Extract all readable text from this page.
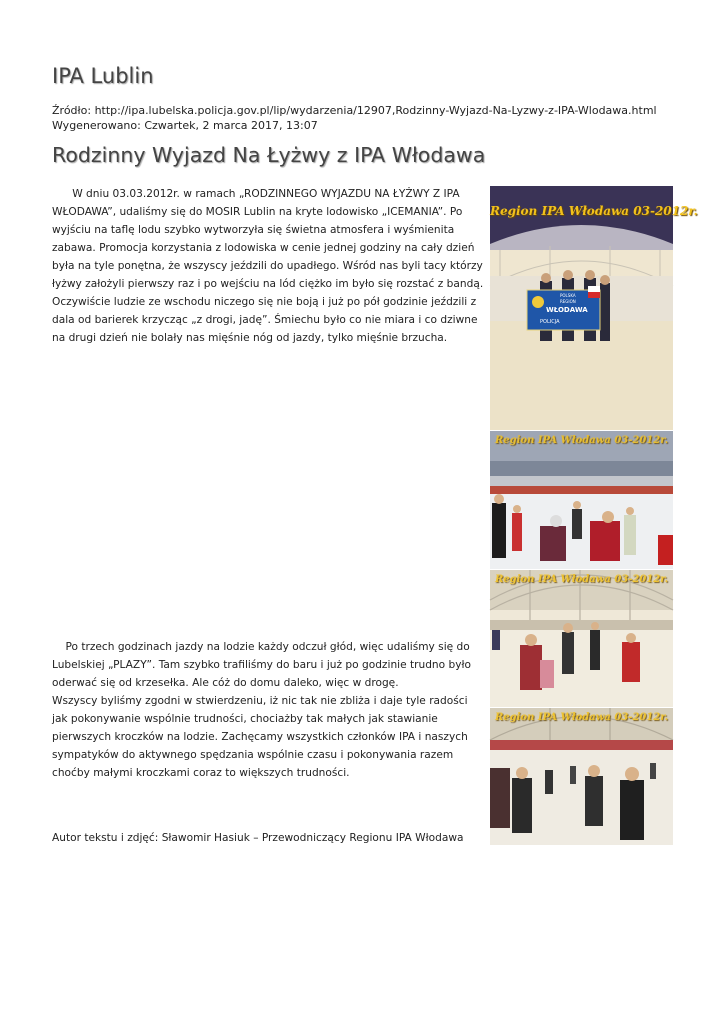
IPA Lublin
Źródło: http://ipa.lubelska.policja.gov.pl/lip/wydarzenia/12907,Rodzinny-Wyjazd-Na-Lyzwy-z-IPA-Wlodawa.html
Wygenerowano: Czwartek, 2 marca 2017, 13:07
Rodzinny Wyjazd Na Łyżwy z IPA Włodawa

W dniu 03.03.2012r. w ramach „RODZINNEGO WYJAZDU NA ŁYŻWY Z IPA WŁODAWA”, udaliśmy się do MOSIR Lublin na kryte lodowisko „ICEMANIA”. Po wyjściu na taflę lodu szybko wytworzyła się świetna atmosfera i wyśmienita zabawa. Promocja korzystania z lodowiska w cenie jednej godziny na cały dzień była na tyle ponętna, że wszyscy jeździli do upadłego. Wśród nas byli tacy którzy łyżwy założyli pierwszy raz i po wejściu na lód ciężko im było się rozstać z bandą. Oczywiście ludzie ze wschodu niczego się nie boją i już po pół godzinie jeździli z dala od barierek krzycząc „z drogi, jadę”. Śmiechu było co nie miara i co dziwne na drugi dzień nie bolały nas mięśnie nóg od jazdy, tylko mięśnie brzucha.

Po trzech godzinach jazdy na lodzie każdy odczuł głód, więc udaliśmy się do Lubelskiej „PLAZY”. Tam szybko trafiliśmy do baru i już po godzinie trudno było oderwać się od krzesełka. Ale cóż do domu daleko, więc w drogę.
Wszyscy byliśmy zgodni w stwierdzeniu, iż nic tak nie zbliża i daje tyle radości jak pokonywanie wspólnie trudności, chociażby tak małych jak stawianie pierwszych kroczków na lodzie. Zachęcamy wszystkich członków IPA i naszych sympatyków do aktywnego spędzania wspólnie czasu i pokonywania razem choćby małymi kroczkami coraz to większych trudności.
Autor tekstu i zdjęć: Sławomir Hasiuk – Przewodniczący Regionu IPA Włodawa
POLSKA
REGION
WŁODAWA
POLICJA
Region IPA Włodawa 03-2012r.
Region IPA Włodawa 03-2012r.
Region IPA Włodawa 03-2012r.
Region IPA Włodawa 03-2012r.
